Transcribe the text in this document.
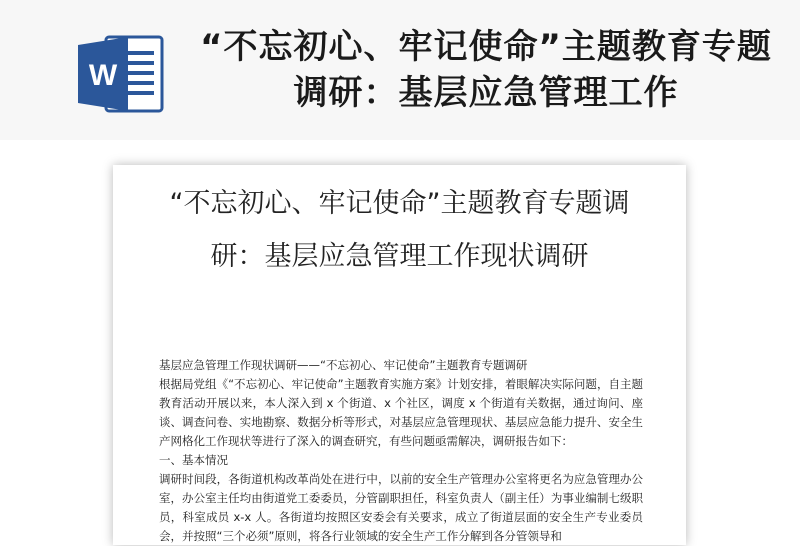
W
“不忘初心、牢记使命”主题教育专题调研：基层应急管理工作
“不忘初心、牢记使命”主题教育专题调研：基层应急管理工作现状调研

基层应急管理工作现状调研——“不忘初心、牢记使命”主题教育专题调研

根据局党组《“不忘初心、牢记使命”主题教育实施方案》计划安排，着眼解决实际问题，自主题教育活动开展以来，本人深入到 x 个街道、x 个社区，调度 x 个街道有关数据，通过询问、座谈、调查问卷、实地勘察、数据分析等形式，对基层应急管理现状、基层应急能力提升、安全生产网格化工作现状等进行了深入的调查研究，有些问题亟需解决，调研报告如下：

一、基本情况

调研时间段，各街道机构改革尚处在进行中，以前的安全生产管理办公室将更名为应急管理办公室，办公室主任均由街道党工委委员，分管副职担任，科室负责人（副主任）为事业编制七级职员，科室成员 x-x 人。各街道均按照区安委会有关要求，成立了街道层面的安全生产专业委员会，并按照“三个必须”原则，将各行业领域的安全生产工作分解到各分管领导和
